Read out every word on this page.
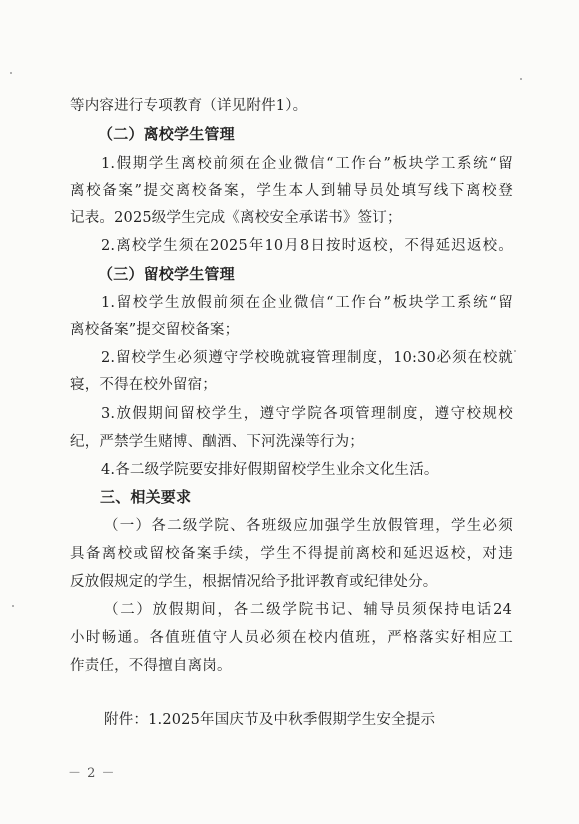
等内容进行专项教育（详见附件1）。
（二）离校学生管理
1.假期学生离校前须在企业微信“工作台”板块学工系统“留
离校备案”提交离校备案，学生本人到辅导员处填写线下离校登
记表。2025级学生完成《离校安全承诺书》签订；
2.离校学生须在2025年10月8日按时返校，不得延迟返校。
（三）留校学生管理
1.留校学生放假前须在企业微信“工作台”板块学工系统“留
离校备案”提交留校备案；
2.留校学生必须遵守学校晚就寝管理制度，10:30必须在校就
寝，不得在校外留宿；
3.放假期间留校学生，遵守学院各项管理制度，遵守校规校
纪，严禁学生赌博、酗酒、下河洗澡等行为；
4.各二级学院要安排好假期留校学生业余文化生活。
三、相关要求
（一）各二级学院、各班级应加强学生放假管理，学生必须
具备离校或留校备案手续，学生不得提前离校和延迟返校，对违
反放假规定的学生，根据情况给予批评教育或纪律处分。
（二）放假期间，各二级学院书记、辅导员须保持电话24
小时畅通。各值班值守人员必须在校内值班，严格落实好相应工
作责任，不得擅自离岗。
附件：1.2025年国庆节及中秋季假期学生安全提示
－ 2 －
